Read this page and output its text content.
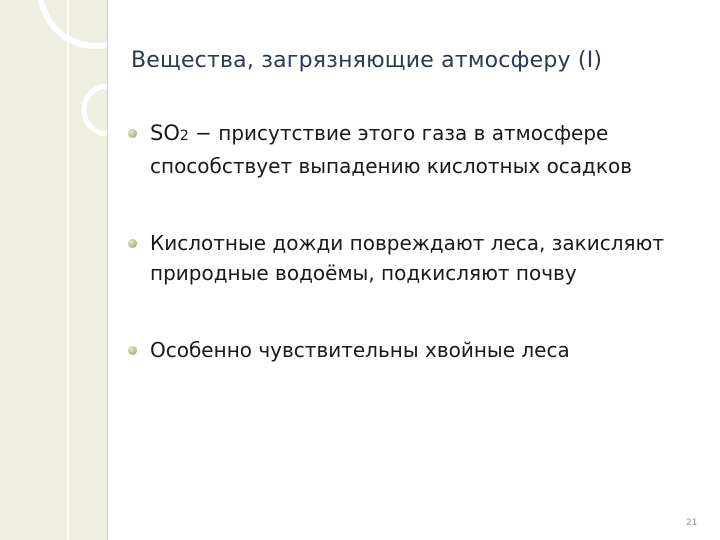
Вещества, загрязняющие атмосферу (I)
SO2 − присутствие этого газа в атмосфере способствует выпадению кислотных осадков
Кислотные дожди повреждают леса, закисляют природные водоёмы, подкисляют почву
Особенно чувствительны хвойные леса
21
